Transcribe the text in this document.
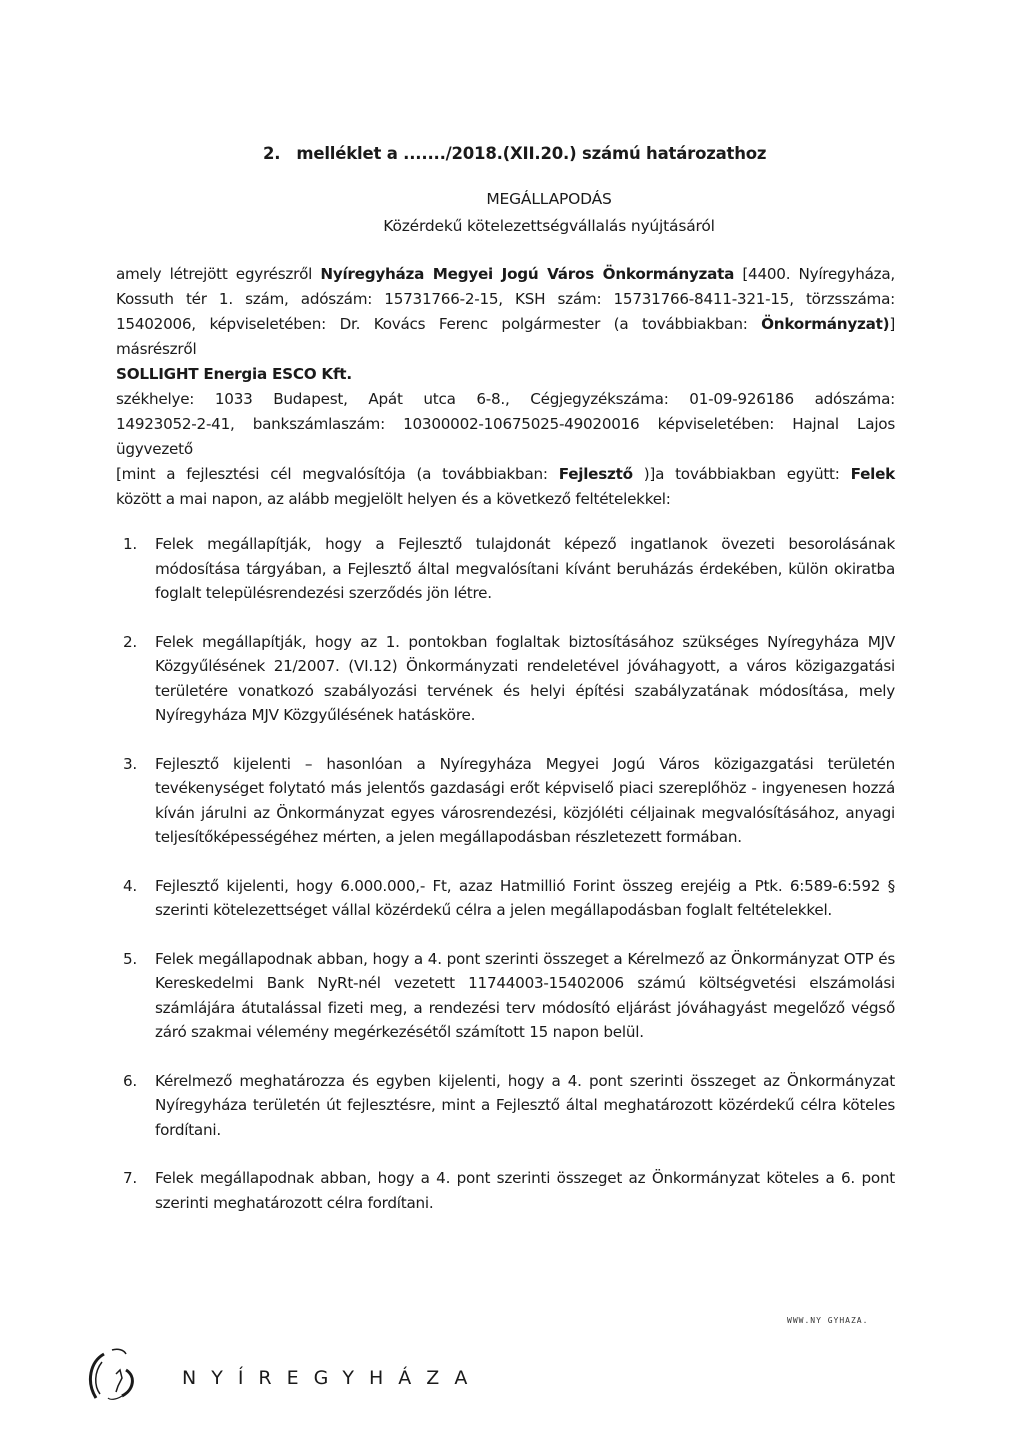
2. melléklet a ......./2018.(XII.20.) számú határozathoz
MEGÁLLAPODÁS
Közérdekű kötelezettségvállalás nyújtásáról

amely létrejött egyrészről Nyíregyháza Megyei Jogú Város Önkormányzata [4400. Nyíregyháza,

Kossuth tér 1. szám, adószám: 15731766-2-15, KSH szám: 15731766-8411-321-15, törzsszáma:

15402006, képviseletében: Dr. Kovács Ferenc polgármester (a továbbiakban: Önkormányzat)]

másrészről

SOLLIGHT Energia ESCO Kft.

székhelye: 1033 Budapest, Apát utca 6-8., Cégjegyzékszáma: 01-09-926186 adószáma:

14923052-2-41, bankszámlaszám: 10300002-10675025-49020016 képviseletében: Hajnal Lajos

ügyvezető

[mint a fejlesztési cél megvalósítója (a továbbiakban: Fejlesztő )]a továbbiakban együtt: Felek

között a mai napon, az alább megjelölt helyen és a következő feltételekkel:

1. Felek megállapítják, hogy a Fejlesztő tulajdonát képező ingatlanok övezeti besorolásának módosítása tárgyában, a Fejlesztő által megvalósítani kívánt beruházás érdekében, külön okiratba foglalt településrendezési szerződés jön létre.
2. Felek megállapítják, hogy az 1. pontokban foglaltak biztosításához szükséges Nyíregyháza MJV Közgyűlésének 21/2007. (VI.12) Önkormányzati rendeletével jóváhagyott, a város közigazgatási területére vonatkozó szabályozási tervének és helyi építési szabályzatának módosítása, mely Nyíregyháza MJV Közgyűlésének hatásköre.
3. Fejlesztő kijelenti – hasonlóan a Nyíregyháza Megyei Jogú Város közigazgatási területén tevékenységet folytató más jelentős gazdasági erőt képviselő piaci szereplőhöz - ingyenesen hozzá kíván járulni az Önkormányzat egyes városrendezési, közjóléti céljainak megvalósításához, anyagi teljesítőképességéhez mérten, a jelen megállapodásban részletezett formában.
4. Fejlesztő kijelenti, hogy 6.000.000,- Ft, azaz Hatmillió Forint összeg erejéig a Ptk. 6:589-6:592 § szerinti kötelezettséget vállal közérdekű célra a jelen megállapodásban foglalt feltételekkel.
5. Felek megállapodnak abban, hogy a 4. pont szerinti összeget a Kérelmező az Önkormányzat OTP és Kereskedelmi Bank NyRt-nél vezetett 11744003-15402006 számú költségvetési elszámolási számlájára átutalással fizeti meg, a rendezési terv módosító eljárást jóváhagyást megelőző végső záró szakmai vélemény megérkezésétől számított 15 napon belül.
6. Kérelmező meghatározza és egyben kijelenti, hogy a 4. pont szerinti összeget az Önkormányzat Nyíregyháza területén út fejlesztésre, mint a Fejlesztő által meghatározott közérdekű célra köteles fordítani.
7. Felek megállapodnak abban, hogy a 4. pont szerinti összeget az Önkormányzat köteles a 6. pont szerinti meghatározott célra fordítani.
WWW.NY GYHAZA.
NYÍREGYHÁZA
